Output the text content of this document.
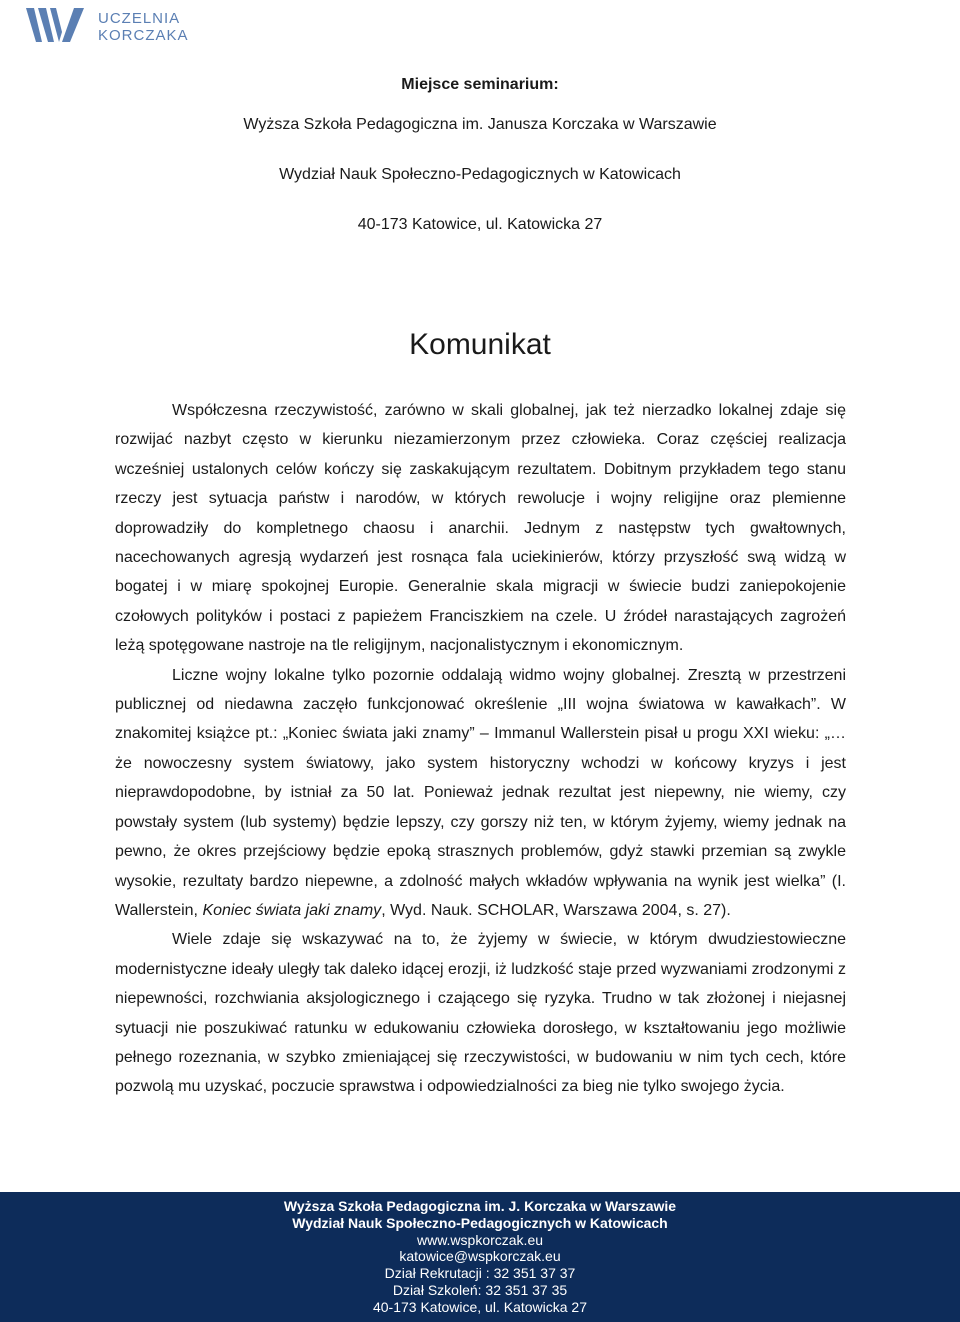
UCZELNIA
KORCZAKA

Miejsce seminarium:

Wyższa Szkoła Pedagogiczna im. Janusza Korczaka w Warszawie

Wydział Nauk Społeczno-Pedagogicznych w Katowicach

40-173 Katowice, ul. Katowicka 27

Komunikat

Współczesna rzeczywistość, zarówno w skali globalnej, jak też nierzadko lokalnej zdaje się rozwijać nazbyt często w kierunku niezamierzonym przez człowieka. Coraz częściej realizacja wcześniej ustalonych celów kończy się zaskakującym rezultatem. Dobitnym przykładem tego stanu rzeczy jest sytuacja państw i narodów, w których rewolucje i wojny religijne oraz plemienne doprowadziły do kompletnego chaosu i anarchii. Jednym z następstw tych gwałtownych, nacechowanych agresją wydarzeń jest rosnąca fala uciekinierów, którzy przyszłość swą widzą w bogatej i w miarę spokojnej Europie. Generalnie skala migracji w świecie budzi zaniepokojenie czołowych polityków i postaci z papieżem Franciszkiem na czele. U źródeł narastających zagrożeń leżą spotęgowane nastroje na tle religijnym, nacjonalistycznym i ekonomicznym.

Liczne wojny lokalne tylko pozornie oddalają widmo wojny globalnej. Zresztą w przestrzeni publicznej od niedawna zaczęło funkcjonować określenie „III wojna światowa w kawałkach”. W znakomitej książce pt.: „Koniec świata jaki znamy” – Immanul Wallerstein pisał u progu XXI wieku: „…że nowoczesny system światowy, jako system historyczny wchodzi w końcowy kryzys i jest nieprawdopodobne, by istniał za 50 lat. Ponieważ jednak rezultat jest niepewny, nie wiemy, czy powstały system (lub systemy) będzie lepszy, czy gorszy niż ten, w którym żyjemy, wiemy jednak na pewno, że okres przejściowy będzie epoką strasznych problemów, gdyż stawki przemian są zwykle wysokie, rezultaty bardzo niepewne, a zdolność małych wkładów wpływania na wynik jest wielka” (I. Wallerstein, Koniec świata jaki znamy, Wyd. Nauk. SCHOLAR, Warszawa 2004, s. 27).

Wiele zdaje się wskazywać na to, że żyjemy w świecie, w którym dwudziestowieczne modernistyczne ideały uległy tak daleko idącej erozji, iż ludzkość staje przed wyzwaniami zrodzonymi z niepewności, rozchwiania aksjologicznego i czającego się ryzyka. Trudno w tak złożonej i niejasnej sytuacji nie poszukiwać ratunku w edukowaniu człowieka dorosłego, w kształtowaniu jego możliwie pełnego rozeznania, w szybko zmieniającej się rzeczywistości, w budowaniu w nim tych cech, które pozwolą mu uzyskać, poczucie sprawstwa i odpowiedzialności za bieg nie tylko swojego życia.

Wyższa Szkoła Pedagogiczna im. J. Korczaka w Warszawie
Wydział Nauk Społeczno-Pedagogicznych w Katowicach
www.wspkorczak.eu
katowice@wspkorczak.eu
Dział Rekrutacji : 32 351 37 37
Dział Szkoleń: 32 351 37 35
40-173 Katowice, ul. Katowicka 27
